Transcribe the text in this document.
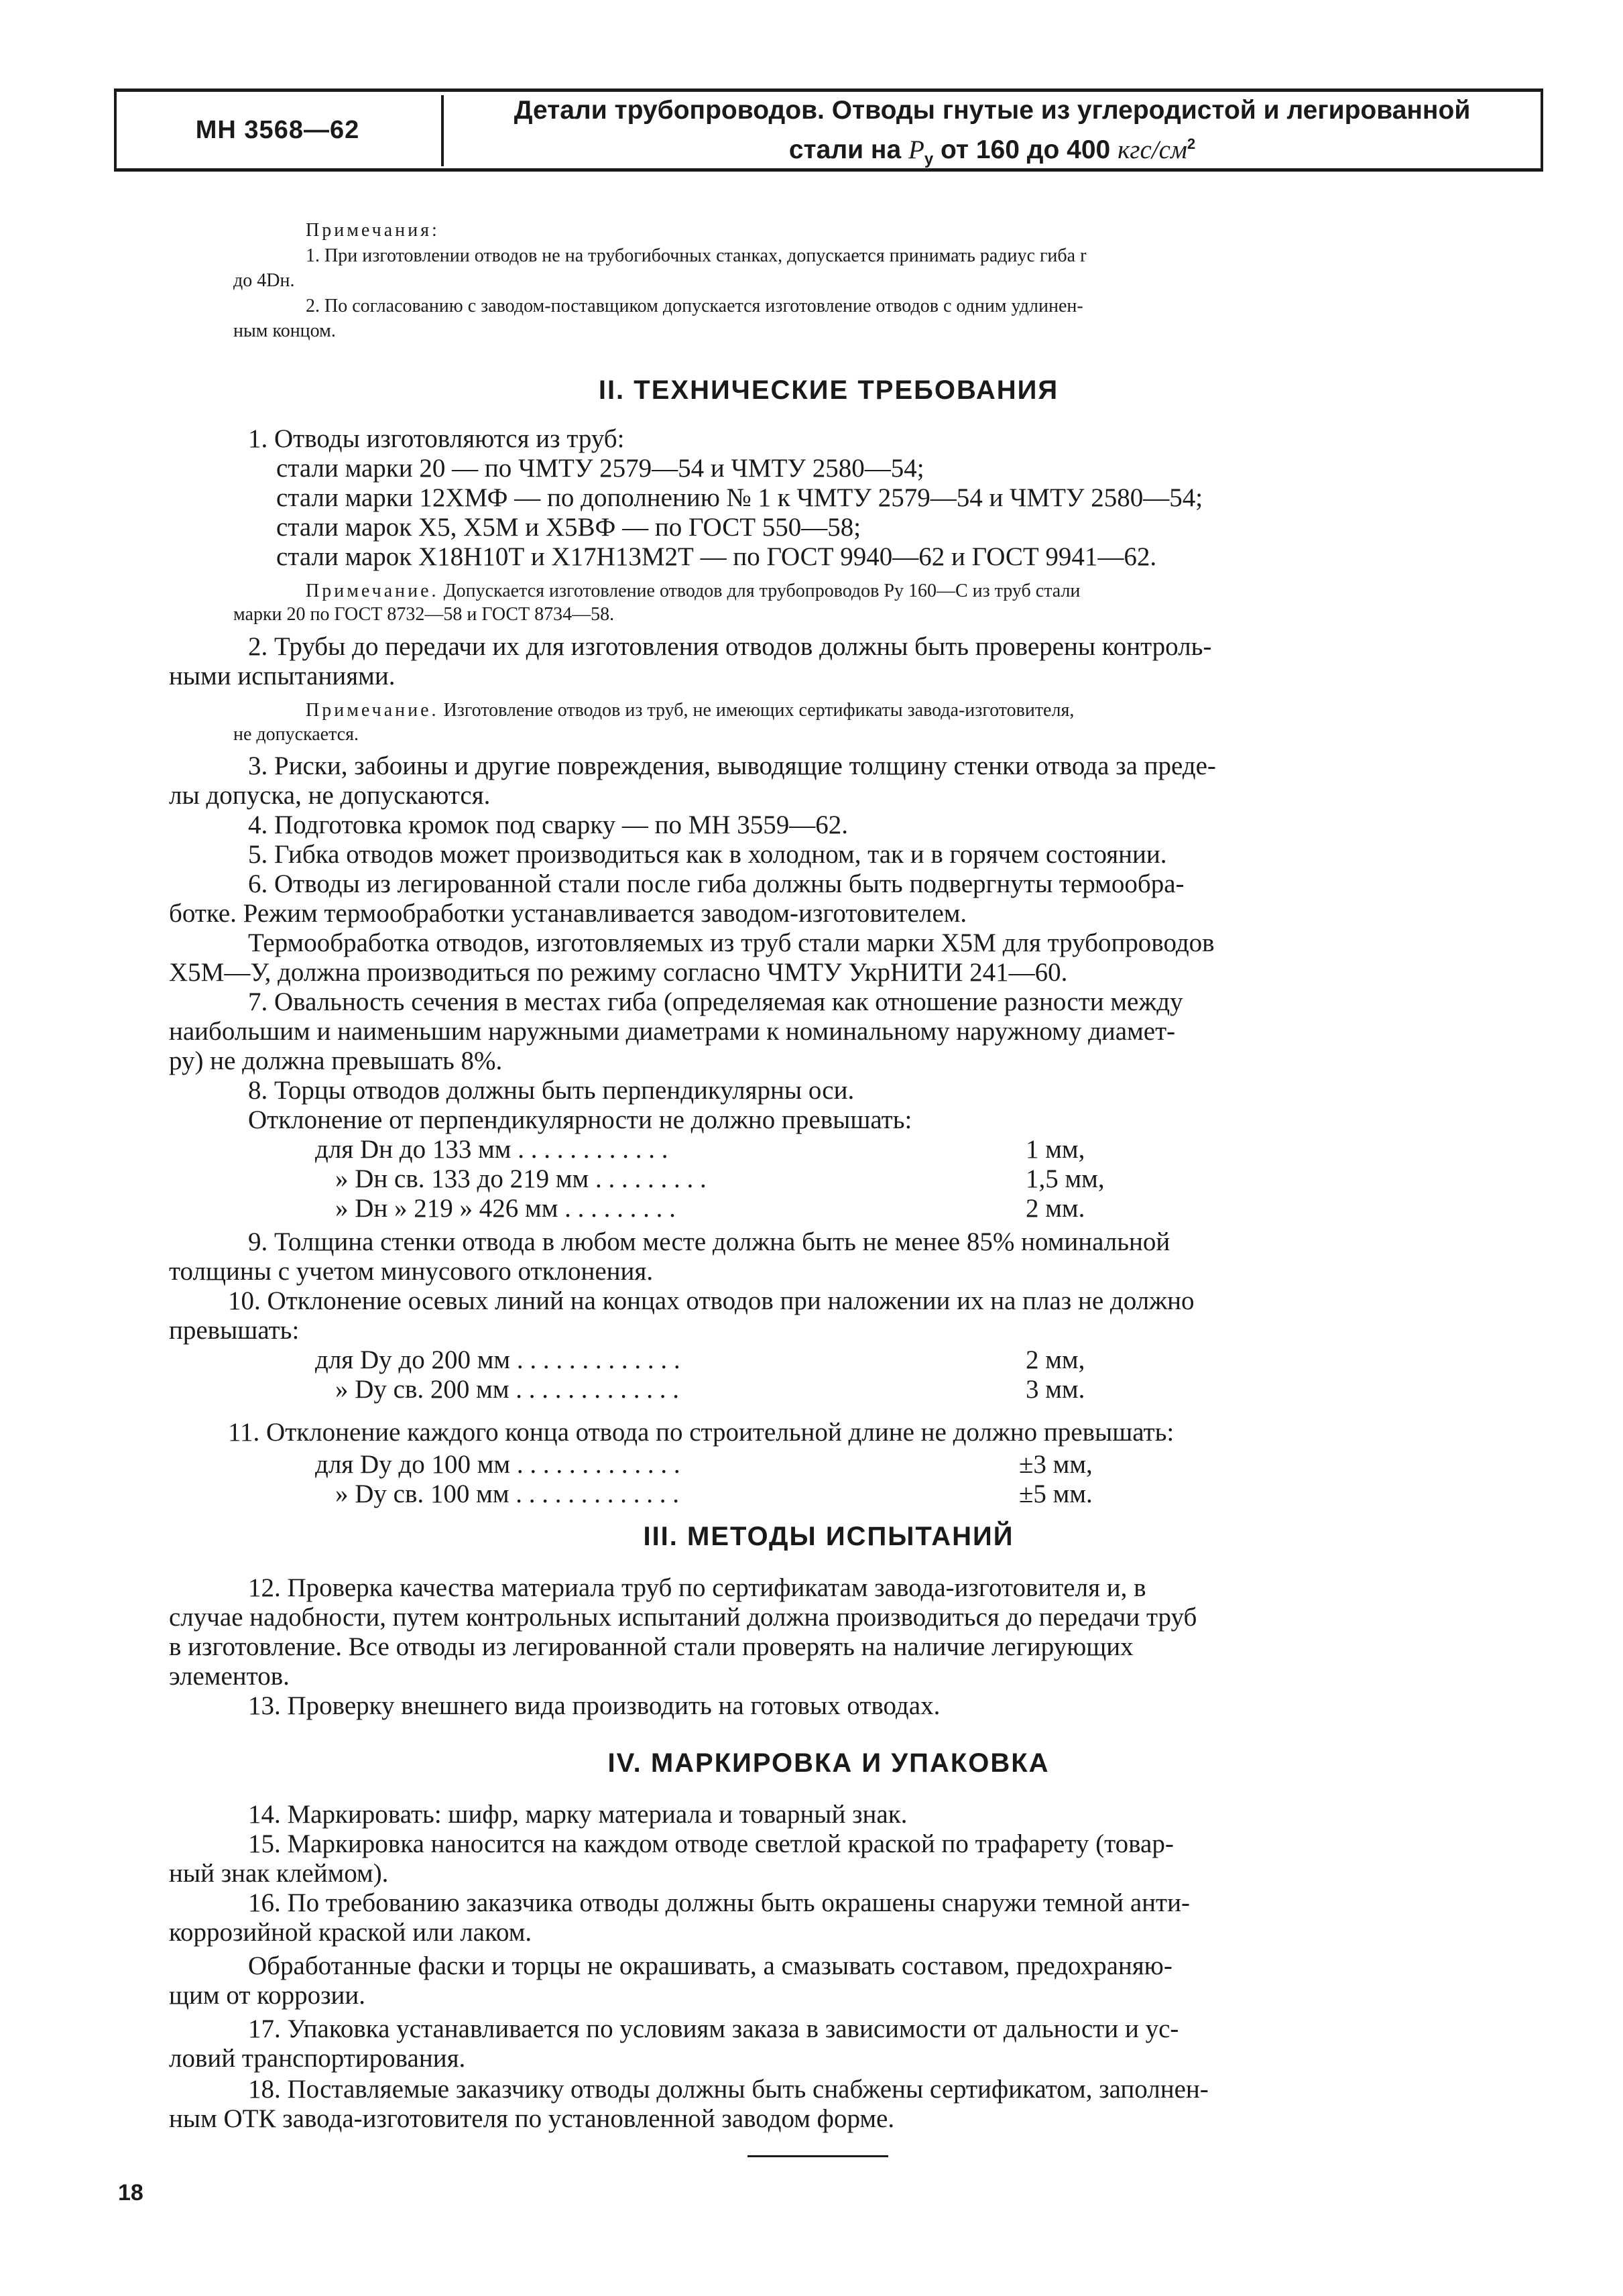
МН 3568—62
Детали трубопроводов. Отводы гнутые из углеродистой и легированной
стали на $P_у$ от 160 до 400 кгс/$см^2$
Примечания:
1. При изготовлении отводов не на трубогибочных станках, допускается принимать радиус гиба r
до 4Dн.
2. По согласованию с заводом-поставщиком допускается изготовление отводов с одним удлинен-
ным концом.
II. ТЕХНИЧЕСКИЕ ТРЕБОВАНИЯ
1. Отводы изготовляются из труб:
стали марки 20 — по ЧМТУ 2579—54 и ЧМТУ 2580—54;
стали марки 12ХМФ — по дополнению № 1 к ЧМТУ 2579—54 и ЧМТУ 2580—54;
стали марок Х5, Х5М и Х5ВФ — по ГОСТ 550—58;
стали марок Х18Н10Т и Х17Н13М2Т — по ГОСТ 9940—62 и ГОСТ 9941—62.
Примечание. Допускается изготовление отводов для трубопроводов Pу 160—С из труб стали
марки 20 по ГОСТ 8732—58 и ГОСТ 8734—58.
2. Трубы до передачи их для изготовления отводов должны быть проверены контроль-
ными испытаниями.
Примечание. Изготовление отводов из труб, не имеющих сертификаты завода-изготовителя,
не допускается.
3. Риски, забоины и другие повреждения, выводящие толщину стенки отвода за преде-
лы допуска, не допускаются.
4. Подготовка кромок под сварку — по МН 3559—62.
5. Гибка отводов может производиться как в холодном, так и в горячем состоянии.
6. Отводы из легированной стали после гиба должны быть подвергнуты термообра-
ботке. Режим термообработки устанавливается заводом-изготовителем.
Термообработка отводов, изготовляемых из труб стали марки Х5М для трубопроводов
Х5М—У, должна производиться по режиму согласно ЧМТУ УкрНИТИ 241—60.
7. Овальность сечения в местах гиба (определяемая как отношение разности между
наибольшим и наименьшим наружными диаметрами к номинальному наружному диамет-
ру) не должна превышать 8%.
8. Торцы отводов должны быть перпендикулярны оси.
Отклонение от перпендикулярности не должно превышать:
для Dн до 133 мм . . . . . . . . . . . .	1 мм,
» Dн св. 133 до 219 мм . . . . . . . . .	1,5 мм,
» Dн » 219 » 426 мм . . . . . . . . .	2 мм.
9. Толщина стенки отвода в любом месте должна быть не менее 85% номинальной
толщины с учетом минусового отклонения.
10. Отклонение осевых линий на концах отводов при наложении их на плаз не должно
превышать:
для Dу до 200 мм . . . . . . . . . . . . .	2 мм,
» Dу св. 200 мм . . . . . . . . . . . . .	3 мм.
11. Отклонение каждого конца отвода по строительной длине не должно превышать:
для Dу до 100 мм . . . . . . . . . . . . .	±3 мм,
» Dу св. 100 мм . . . . . . . . . . . . .	±5 мм.
III. МЕТОДЫ ИСПЫТАНИЙ
12. Проверка качества материала труб по сертификатам завода-изготовителя и, в
случае надобности, путем контрольных испытаний должна производиться до передачи труб
в изготовление. Все отводы из легированной стали проверять на наличие легирующих
элементов.
13. Проверку внешнего вида производить на готовых отводах.
IV. МАРКИРОВКА И УПАКОВКА
14. Маркировать: шифр, марку материала и товарный знак.
15. Маркировка наносится на каждом отводе светлой краской по трафарету (товар-
ный знак клеймом).
16. По требованию заказчика отводы должны быть окрашены снаружи темной анти-
коррозийной краской или лаком.
Обработанные фаски и торцы не окрашивать, а смазывать составом, предохраняю-
щим от коррозии.
17. Упаковка устанавливается по условиям заказа в зависимости от дальности и ус-
ловий транспортирования.
18. Поставляемые заказчику отводы должны быть снабжены сертификатом, заполнен-
ным ОТК завода-изготовителя по установленной заводом форме.
18
